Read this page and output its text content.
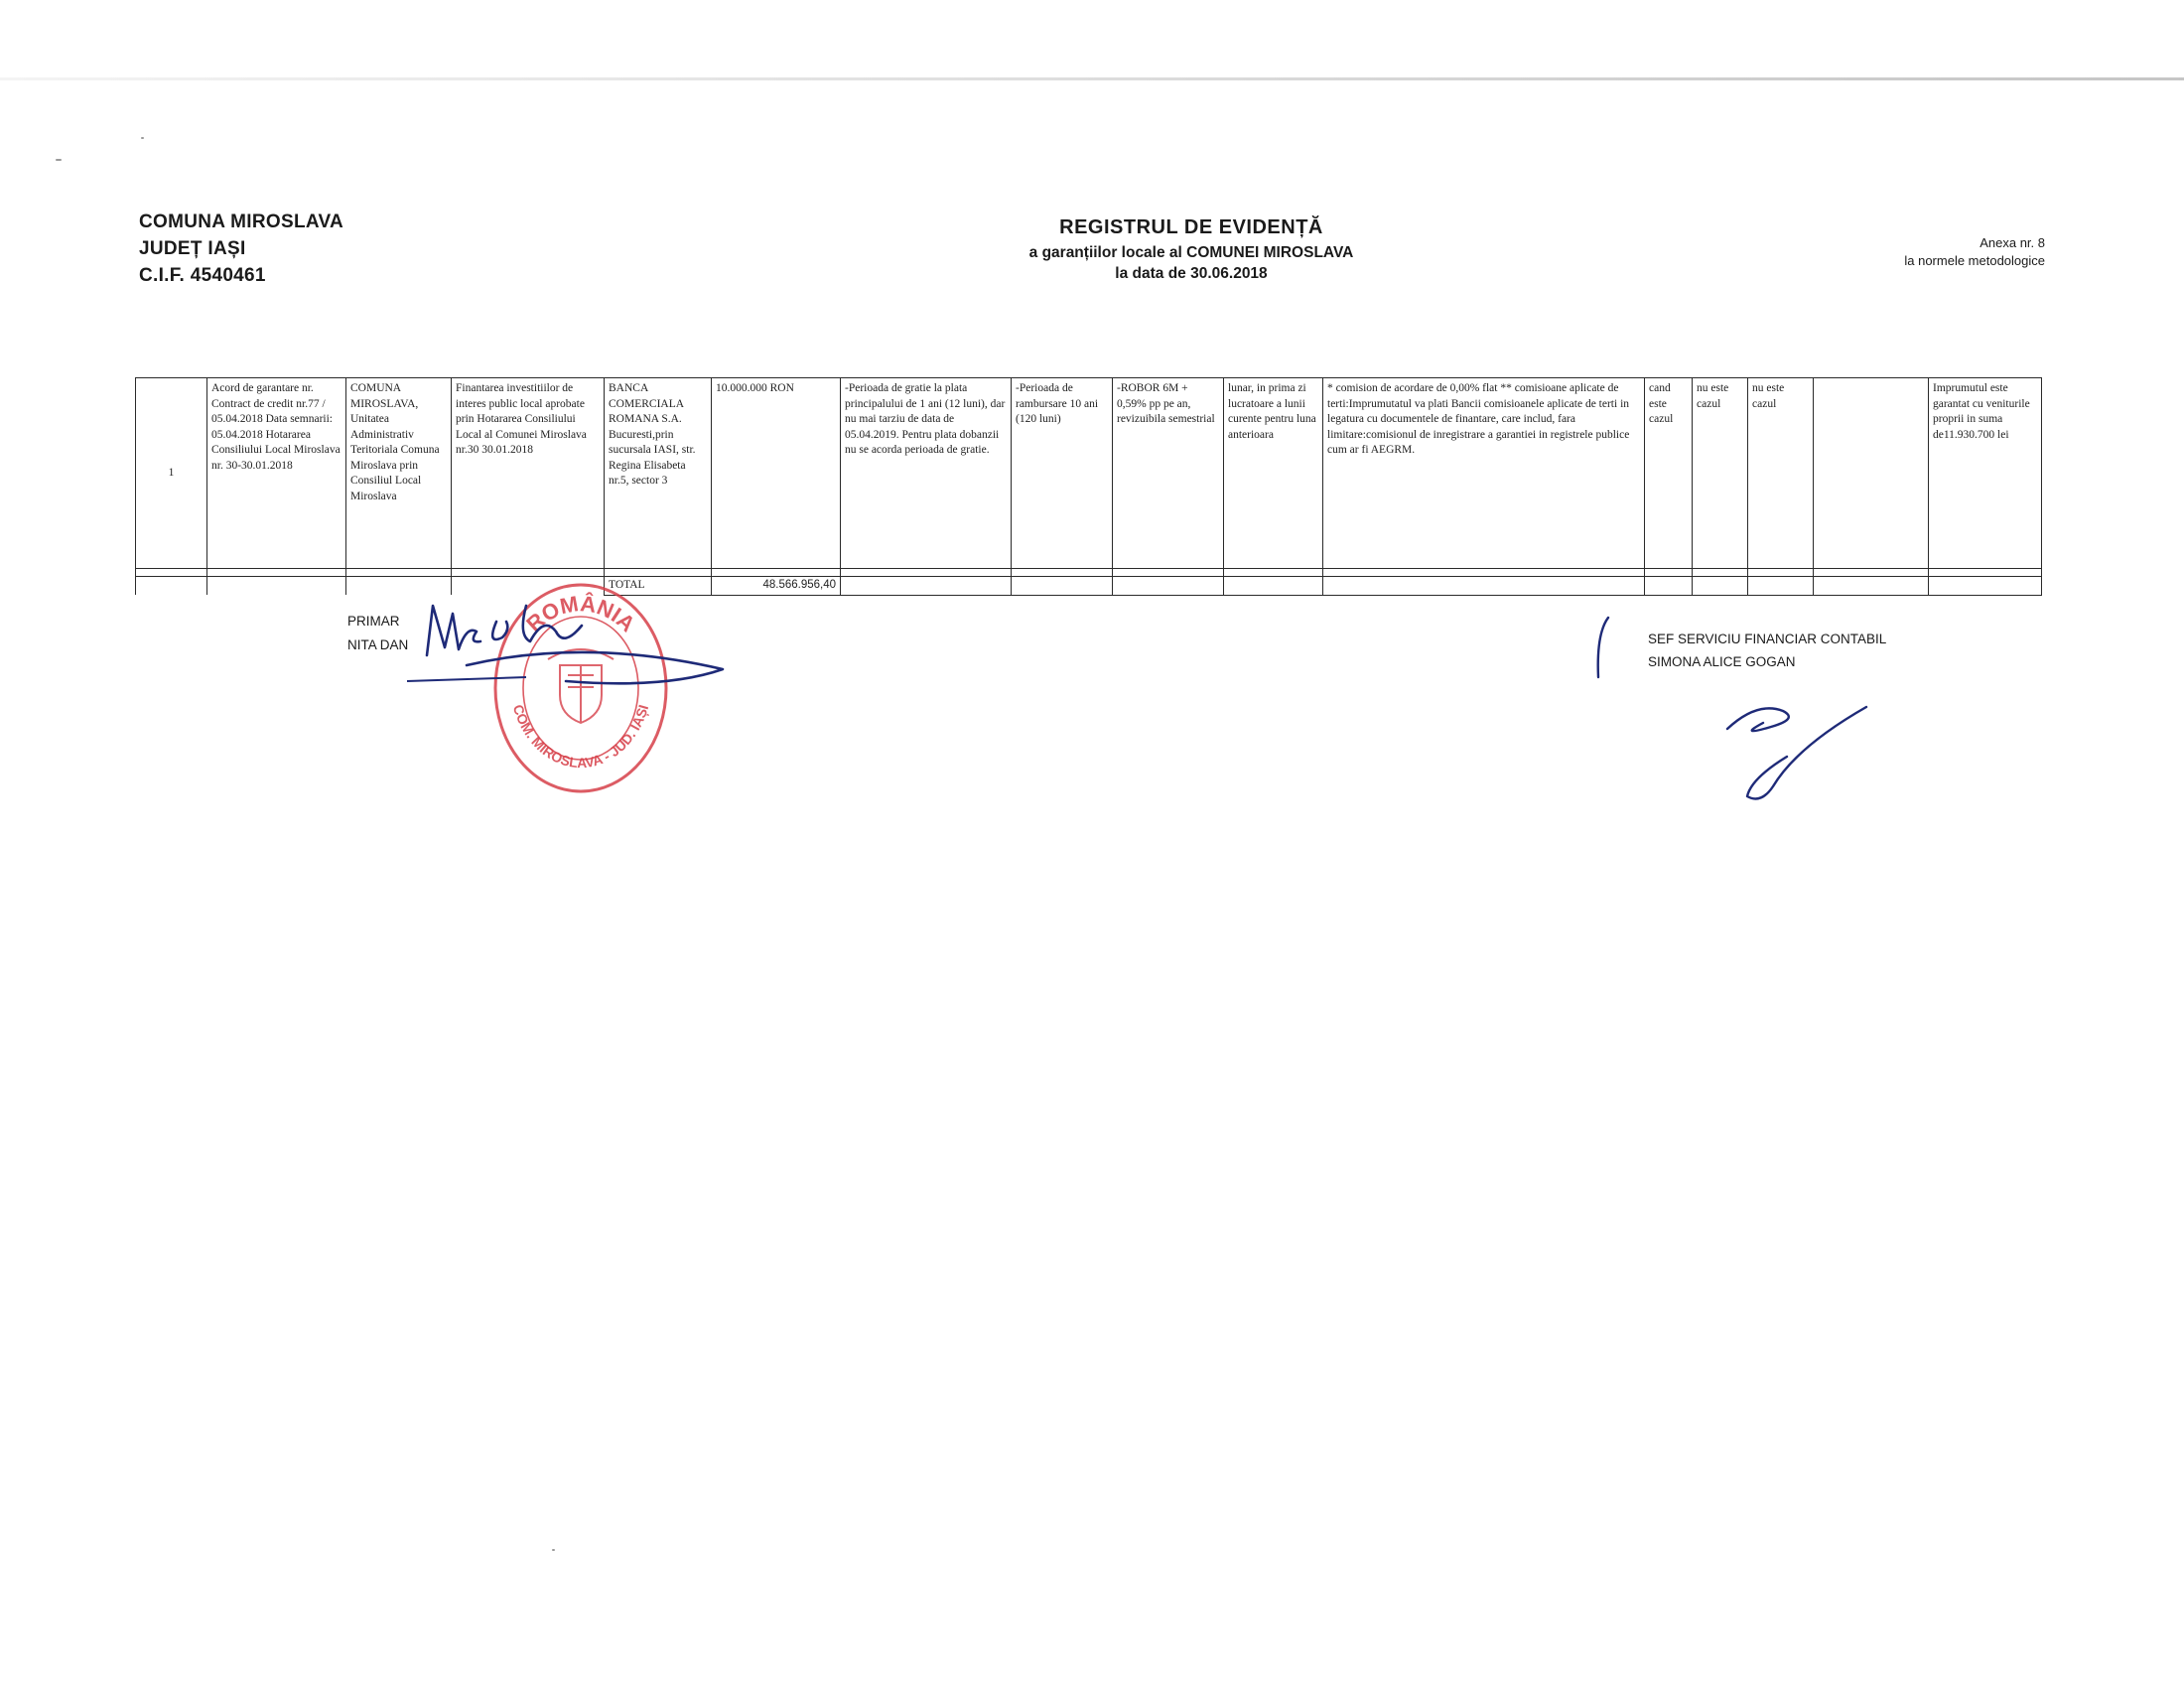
COMUNA MIROSLAVA
JUDEȚ IAȘI
C.I.F. 4540461
REGISTRUL DE EVIDENȚĂ
a garanțiilor locale al COMUNEI MIROSLAVA
la data de 30.06.2018
Anexa nr. 8
la normele metodologice
1	Acord de garantare nr. Contract de credit nr.77 / 05.04.2018 Data semnarii: 05.04.2018 Hotararea Consiliului Local Miroslava nr. 30-30.01.2018	COMUNA MIROSLAVA, Unitatea Administrativ Teritoriala Comuna Miroslava prin Consiliul Local Miroslava	Finantarea investitiilor de interes public local aprobate prin Hotararea Consiliului Local al Comunei Miroslava nr.30 30.01.2018	BANCA COMERCIALA ROMANA S.A. Bucuresti,prin sucursala IASI, str. Regina Elisabeta nr.5, sector 3	10.000.000 RON	-Perioada de gratie la plata principalului de 1 ani (12 luni), dar nu mai tarziu de data de 05.04.2019. Pentru plata dobanzii nu se acorda perioada de gratie.	-Perioada de rambursare 10 ani (120 luni)	-ROBOR 6M + 0,59% pp pe an, revizuibila semestrial	lunar, in prima zi lucratoare a lunii curente pentru luna anterioara	* comision de acordare de 0,00% flat ** comisioane aplicate de terti:Imprumutatul va plati Bancii comisioanele aplicate de terti in legatura cu documentele de finantare, care includ, fara limitare:comisionul de inregistrare a garantiei in registrele publice cum ar fi AEGRM.	cand este cazul	nu este cazul	nu este cazul		Imprumutul este garantat cu veniturile proprii in suma de11.930.700 lei

				TOTAL	48.566.956,40										
PRIMAR
NITA DAN
ROMÂNIA
COM. MIROSLAVA - JUD. IAȘI
SEF SERVICIU FINANCIAR CONTABIL
SIMONA ALICE GOGAN
